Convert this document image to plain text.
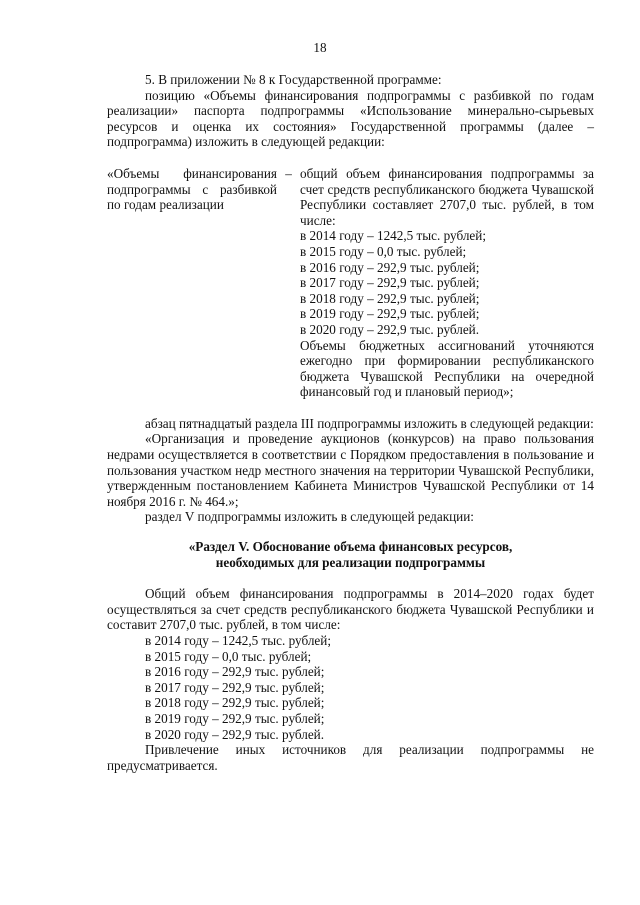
18

5. В приложении № 8 к Государственной программе:

позицию «Объемы финансирования подпрограммы с разбивкой по годам реализации» паспорта подпрограммы «Использование минерально-сырьевых ресурсов и оценка их состояния» Государственной программы (далее – подпрограмма) изложить в следующей редакции:

«Объемы финансирования подпрограммы с разбивкой по годам реализации
– общий объем финансирования подпрограммы за счет средств республиканского бюджета Чувашской Республики составляет 2707,0 тыс. рублей, в том числе:

в 2014 году – 1242,5 тыс. рублей;

в 2015 году – 0,0 тыс. рублей;

в 2016 году – 292,9 тыс. рублей;

в 2017 году – 292,9 тыс. рублей;

в 2018 году – 292,9 тыс. рублей;

в 2019 году – 292,9 тыс. рублей;

в 2020 году – 292,9 тыс. рублей.

Объемы бюджетных ассигнований уточняются ежегодно при формировании республиканского бюджета Чувашской Республики на очередной финансовый год и плановый период»;

абзац пятнадцатый раздела III подпрограммы изложить в следующей редакции:

«Организация и проведение аукционов (конкурсов) на право пользования недрами осуществляется в соответствии с Порядком предоставления в пользование и пользования участком недр местного значения на территории Чувашской Республики, утвержденным постановлением Кабинета Министров Чувашской Республики от 14 ноября 2016 г. № 464.»;

раздел V подпрограммы изложить в следующей редакции:

«Раздел V. Обоснование объема финансовых ресурсов,
необходимых для реализации подпрограммы

Общий объем финансирования подпрограммы в 2014–2020 годах будет осуществляться за счет средств республиканского бюджета Чувашской Республики и составит 2707,0 тыс. рублей, в том числе:

в 2014 году – 1242,5 тыс. рублей;

в 2015 году – 0,0 тыс. рублей;

в 2016 году – 292,9 тыс. рублей;

в 2017 году – 292,9 тыс. рублей;

в 2018 году – 292,9 тыс. рублей;

в 2019 году – 292,9 тыс. рублей;

в 2020 году – 292,9 тыс. рублей.

Привлечение иных источников для реализации подпрограммы не предусматривается.
